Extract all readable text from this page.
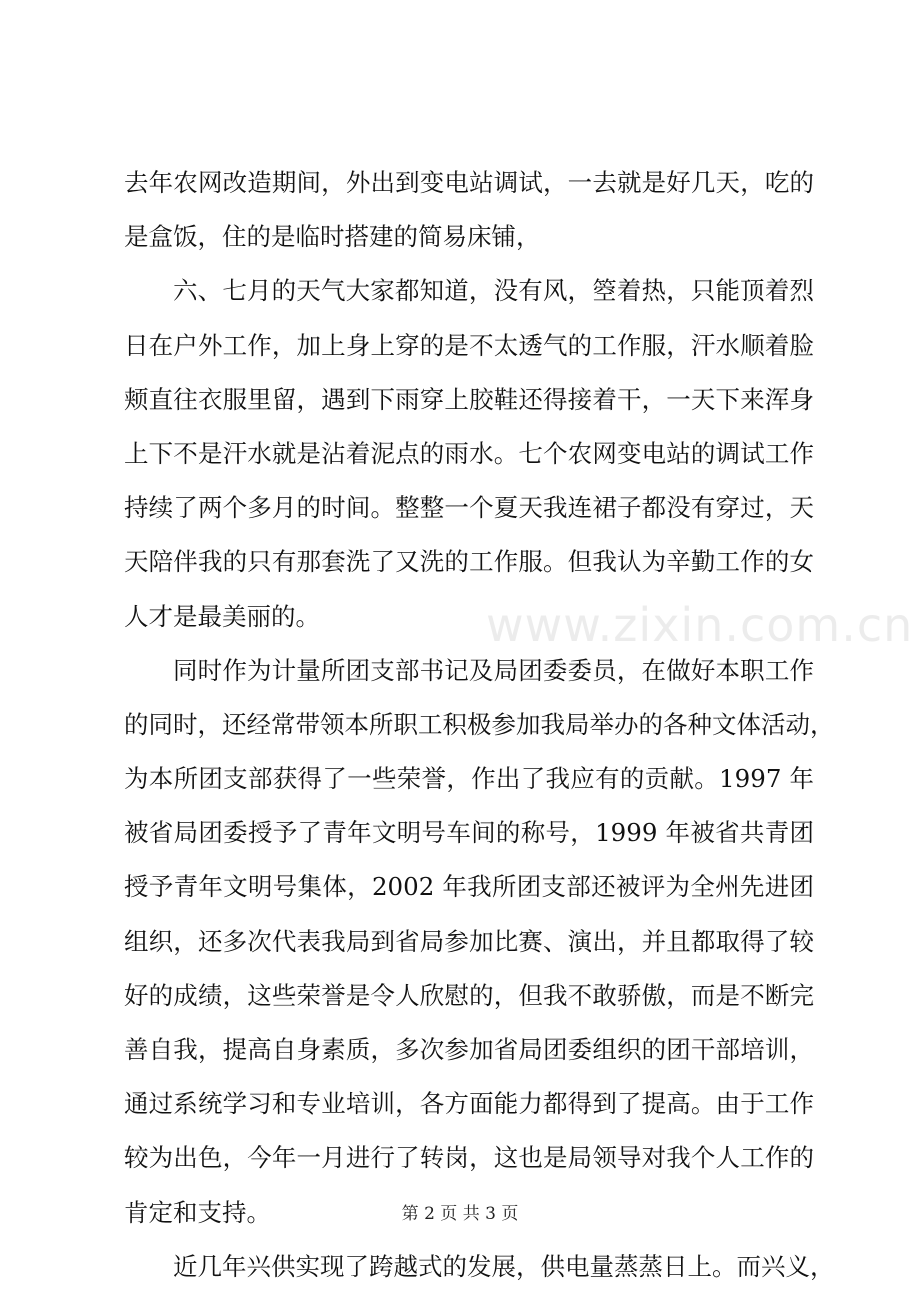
去年农网改造期间，外出到变电站调试，一去就是好几天，吃的
是盒饭，住的是临时搭建的简易床铺，
六、七月的天气大家都知道，没有风，箜着热，只能顶着烈
日在户外工作，加上身上穿的是不太透气的工作服，汗水顺着脸
颊直往衣服里留，遇到下雨穿上胶鞋还得接着干，一天下来浑身
上下不是汗水就是沾着泥点的雨水。七个农网变电站的调试工作
持续了两个多月的时间。整整一个夏天我连裙子都没有穿过，天
天陪伴我的只有那套洗了又洗的工作服。但我认为辛勤工作的女
人才是最美丽的。
同时作为计量所团支部书记及局团委委员，在做好本职工作
的同时，还经常带领本所职工积极参加我局举办的各种文体活动，
为本所团支部获得了一些荣誉，作出了我应有的贡献。1997 年
被省局团委授予了青年文明号车间的称号，1999 年被省共青团
授予青年文明号集体，2002 年我所团支部还被评为全州先进团
组织，还多次代表我局到省局参加比赛、演出，并且都取得了较
好的成绩，这些荣誉是令人欣慰的，但我不敢骄傲，而是不断完
善自我，提高自身素质，多次参加省局团委组织的团干部培训，
通过系统学习和专业培训，各方面能力都得到了提高。由于工作
较为出色，今年一月进行了转岗，这也是局领导对我个人工作的
肯定和支持。
近几年兴供实现了跨越式的发展，供电量蒸蒸日上。而兴义，
www.zixin.com.cn
第 2 页 共 3 页
